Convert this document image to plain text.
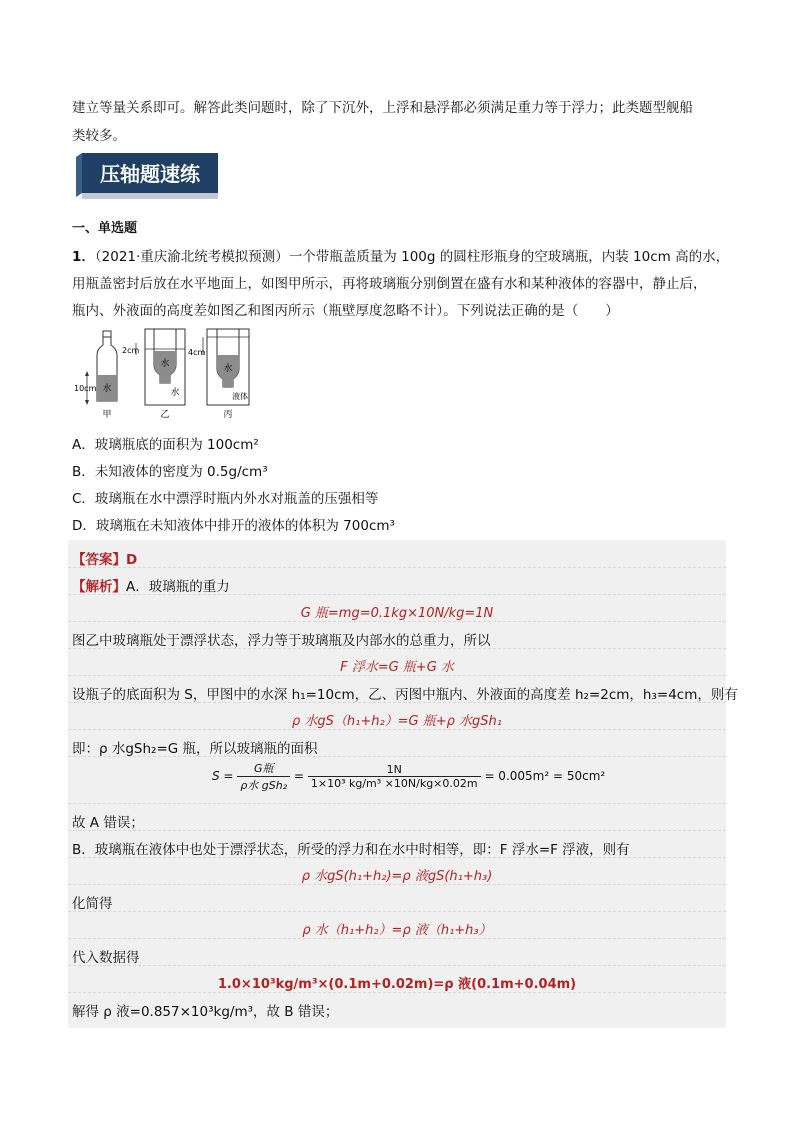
建立等量关系即可。解答此类问题时，除了下沉外，上浮和悬浮都必须满足重力等于浮力；此类题型舰船
类较多。
压轴题速练
一、单选题
1．（2021·重庆渝北统考模拟预测）一个带瓶盖质量为 100g 的圆柱形瓶身的空玻璃瓶，内装 10cm 高的水，
用瓶盖密封后放在水平地面上，如图甲所示，再将玻璃瓶分别倒置在盛有水和某种液体的容器中，静止后，
瓶内、外液面的高度差如图乙和图丙所示（瓶壁厚度忽略不计）。下列说法正确的是（　　）
水
10cm
甲
水
水
2cm
乙
水
液体
4cm
丙
A．玻璃瓶底的面积为 100cm²
B．未知液体的密度为 0.5g/cm³
C．玻璃瓶在水中漂浮时瓶内外水对瓶盖的压强相等
D．玻璃瓶在未知液体中排开的液体的体积为 700cm³
【答案】D
【解析】A．玻璃瓶的重力
G 瓶=mg=0.1kg×10N/kg=1N
图乙中玻璃瓶处于漂浮状态，浮力等于玻璃瓶及内部水的总重力，所以
F 浮水=G 瓶+G 水
设瓶子的底面积为 S，甲图中的水深 h₁=10cm，乙、丙图中瓶内、外液面的高度差 h₂=2cm，h₃=4cm，则有
ρ 水gS（h₁+h₂）=G 瓶+ρ 水gSh₁
即：ρ 水gSh₂=G 瓶，所以玻璃瓶的面积
$S = \frac{\text{G瓶}}{\text{ρ水 gSh₂}} = \frac{1N}{\text{1×10³ kg/m³ ×10N/kg×0.02m}} = 0.005m^2 = 50cm^2$
故 A 错误；
B．玻璃瓶在液体中也处于漂浮状态，所受的浮力和在水中时相等，即：F 浮水=F 浮液，则有
ρ 水gS(h₁+h₂)=ρ 液gS(h₁+h₃)
化简得
ρ 水（h₁+h₂）=ρ 液（h₁+h₃）
代入数据得
1.0×10³kg/m³×(0.1m+0.02m)=ρ 液(0.1m+0.04m)
解得 ρ 液=0.857×10³kg/m³，故 B 错误；
